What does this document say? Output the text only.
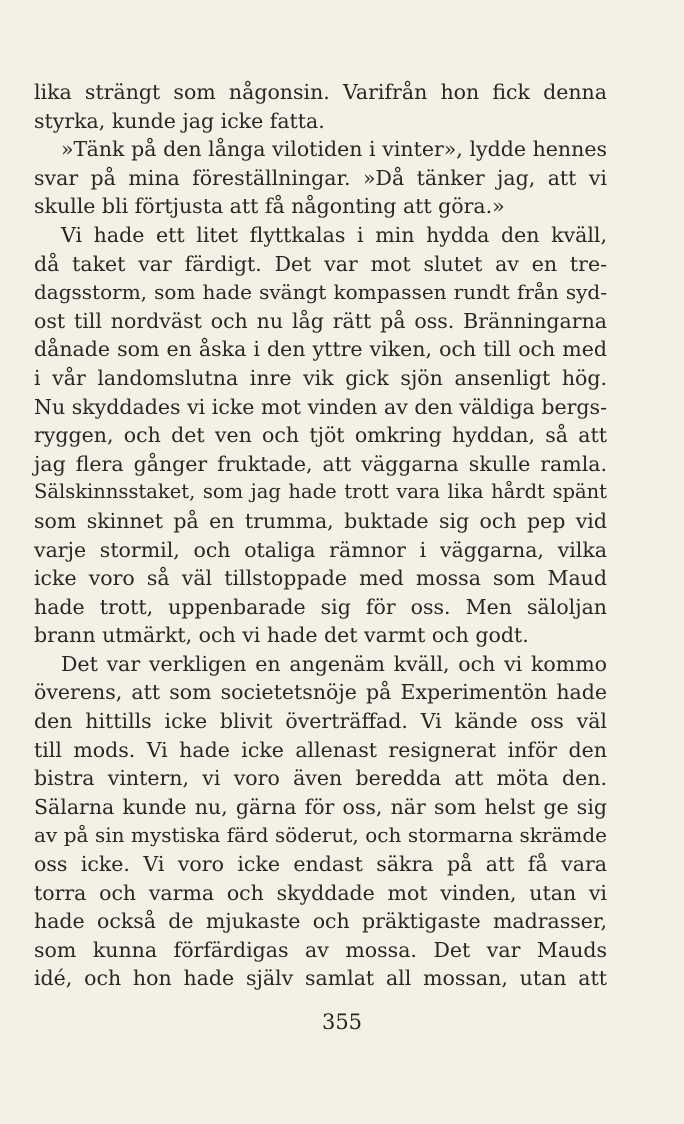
lika strängt som någonsin. Varifrån hon fick denna
styrka, kunde jag icke fatta.
»Tänk på den långa vilotiden i vinter», lydde hennes
svar på mina föreställningar. »Då tänker jag, att vi
skulle bli förtjusta att få någonting att göra.»
Vi hade ett litet flyttkalas i min hydda den kväll,
då taket var färdigt. Det var mot slutet av en tre-
dagsstorm, som hade svängt kompassen rundt från syd-
ost till nordväst och nu låg rätt på oss. Bränningarna
dånade som en åska i den yttre viken, och till och med
i vår landomslutna inre vik gick sjön ansenligt hög.
Nu skyddades vi icke mot vinden av den väldiga bergs-
ryggen, och det ven och tjöt omkring hyddan, så att
jag flera gånger fruktade, att väggarna skulle ramla.
Sälskinnsstaket, som jag hade trott vara lika hårdt spänt
som skinnet på en trumma, buktade sig och pep vid
varje stormil, och otaliga rämnor i väggarna, vilka
icke voro så väl tillstoppade med mossa som Maud
hade trott, uppenbarade sig för oss. Men säloljan
brann utmärkt, och vi hade det varmt och godt.
Det var verkligen en angenäm kväll, och vi kommo
överens, att som societetsnöje på Experimentön hade
den hittills icke blivit överträffad. Vi kände oss väl
till mods. Vi hade icke allenast resignerat inför den
bistra vintern, vi voro även beredda att möta den.
Sälarna kunde nu, gärna för oss, när som helst ge sig
av på sin mystiska färd söderut, och stormarna skrämde
oss icke. Vi voro icke endast säkra på att få vara
torra och varma och skyddade mot vinden, utan vi
hade också de mjukaste och präktigaste madrasser,
som kunna förfärdigas av mossa. Det var Mauds
idé, och hon hade själv samlat all mossan, utan att
355
